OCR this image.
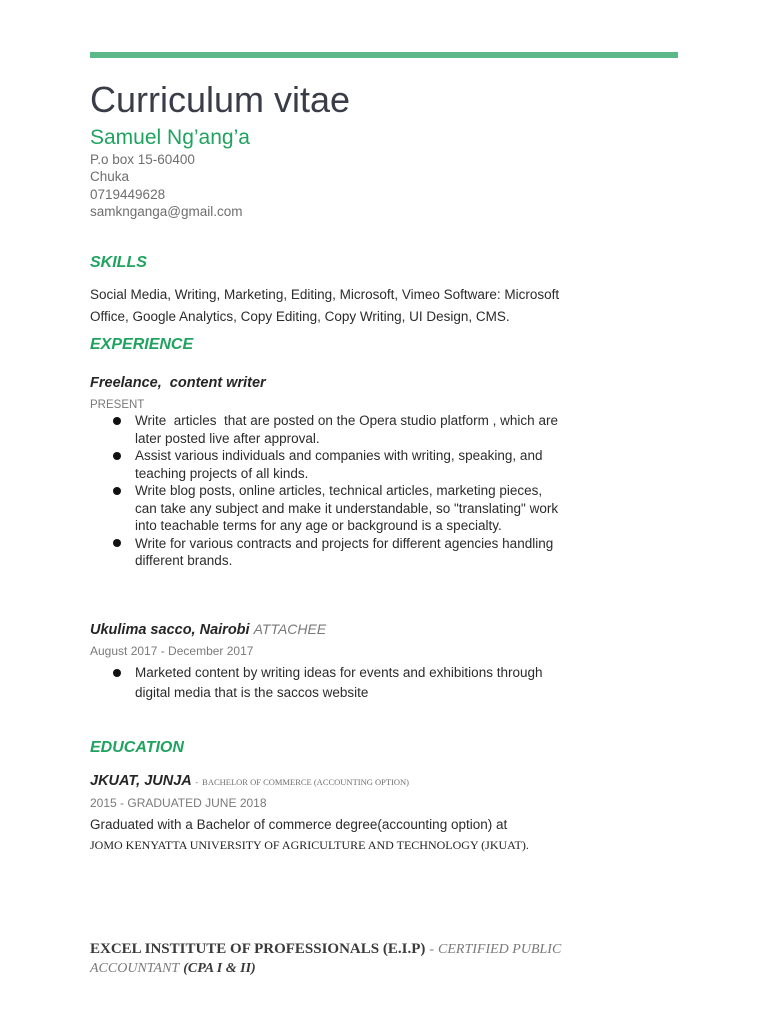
Curriculum vitae
Samuel Ng’ang’a
P.o box 15-60400
Chuka
0719449628
samknganga@gmail.com
SKILLS
Social Media, Writing, Marketing, Editing, Microsoft, Vimeo Software: Microsoft
Office, Google Analytics, Copy Editing, Copy Writing, UI Design, CMS.
EXPERIENCE
Freelance,  content writer
PRESENT
Write  articles  that are posted on the Opera studio platform , which are
later posted live after approval.
Assist various individuals and companies with writing, speaking, and
teaching projects of all kinds.
Write blog posts, online articles, technical articles, marketing pieces,
can take any subject and make it understandable, so "translating" work
into teachable terms for any age or background is a specialty.
Write for various contracts and projects for different agencies handling
different brands.
Ukulima sacco, Nairobi ATTACHEE
August 2017 - December 2017
Marketed content by writing ideas for events and exhibitions through
digital media that is the saccos website
EDUCATION
JKUAT, JUNJA - BACHELOR OF COMMERCE (ACCOUNTING OPTION)
2015 - GRADUATED JUNE 2018
Graduated with a Bachelor of commerce degree(accounting option) at
JOMO KENYATTA UNIVERSITY OF AGRICULTURE AND TECHNOLOGY (JKUAT).
EXCEL INSTITUTE OF PROFESSIONALS (E.I.P) - CERTIFIED PUBLIC
ACCOUNTANT (CPA I & II)
